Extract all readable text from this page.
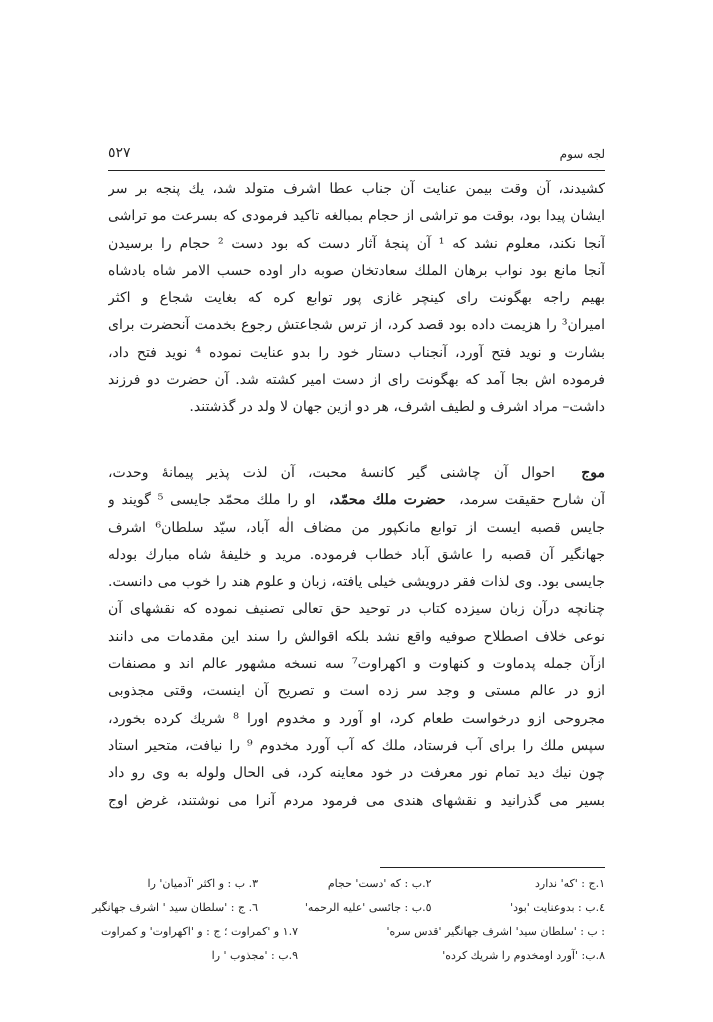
٥٢٧	لجه سوم
کشیدند، آن وقت بیمن عنایت آن جناب عطا اشرف متولد شد، یك پنجه بر سر
ایشان پیدا بود، بوقت مو تراشی از حجام بمبالغه تاکید فرمودی که بسرعت مو تراشی
آنجا نکند، معلوم نشد که ¹ آن پنجهٔ آثار دست که بود دست ² حجام را برسیدن
آنجا مانع بود نواب برهان الملك سعادتخان صوبه دار اوده حسب الامر شاه بادشاه
بهیم راجه بهگونت رای کینچر غازی پور توابع کره که بغایت شجاع و اکثر
امیران³ را هزیمت داده بود قصد کرد، از ترس شجاعتش رجوع بخدمت آنحضرت برای
بشارت و نوید فتح آورد، آنجناب دستار خود را بدو عنایت نموده ⁴ نوید فتح داد،
فرموده اش بجا آمد که بهگونت رای از دست امیر کشته شد. آن حضرت دو فرزند
داشت– مراد اشرف و لطیف اشرف، هر دو ازین جهان لا ولد در گذشتند.
موج  احوال آن چاشنی گیر کانسهٔ محبت، آن لذت پذیر پیمانهٔ وحدت،
آن شارح حقیقت سرمد،  حضرت ملك محمّد،  او را ملك محمّد جایسی ⁵ گویند و
جایس قصبه ایست از توابع مانکپور من مضاف الٰه آباد، سیّد سلطان⁶ اشرف
جهانگیر آن قصبه را عاشق آباد خطاب فرموده. مرید و خلیفهٔ شاه مبارك بودله
جایسی بود. وی لذات فقر درویشی خیلی یافته، زبان و علوم هند را خوب می دانست.
چنانچه درآن زبان سیزده کتاب در توحید حق تعالی تصنیف نموده که نقشهای آن
نوعی خلاف اصطلاح صوفیه واقع نشد بلکه اقوالش را سند این مقدمات می دانند
ازآن جمله پدماوت و کنهاوت و اکهراوت⁷ سه نسخه مشهور عالم اند و مصنفات
ازو در عالم مستی و وجد سر زده است و تصریح آن اینست، وقتی مجذوبی
مجروحی ازو درخواست طعام کرد، او آورد و مخدوم اورا ⁸ شریك کرده بخورد،
سپس ملك را برای آب فرستاد، ملك که آب آورد مخدوم ⁹ را نیافت، متحیر استاد
چون نیك دید تمام نور معرفت در خود معاینه کرد، فی الحال ولوله به وی رو داد
بسیر می گذرانید و نقشهای هندی می فرمود مردم آنرا می نوشتند، غرض اوج
١.ج : 'که' ندارد
٢.ب : که 'دست' حجام
٣. ب : و اکثر 'آدمیان' را
٤.ب : بدوعنایت 'بود'
٥.ب : جائسی 'علیه الرحمه'
٦. ج : 'سلطان سید ' اشرف جهانگیر
: ب : 'سلطان سید' اشرف جهانگیر 'قدس سره'
١.٧ و 'کمراوت ؛ ج : و 'اکهراوت' و کمراوت
٨.ب: 'آورد اومخدوم را شریك کرده'
٩.ب : 'مجذوب ' را
